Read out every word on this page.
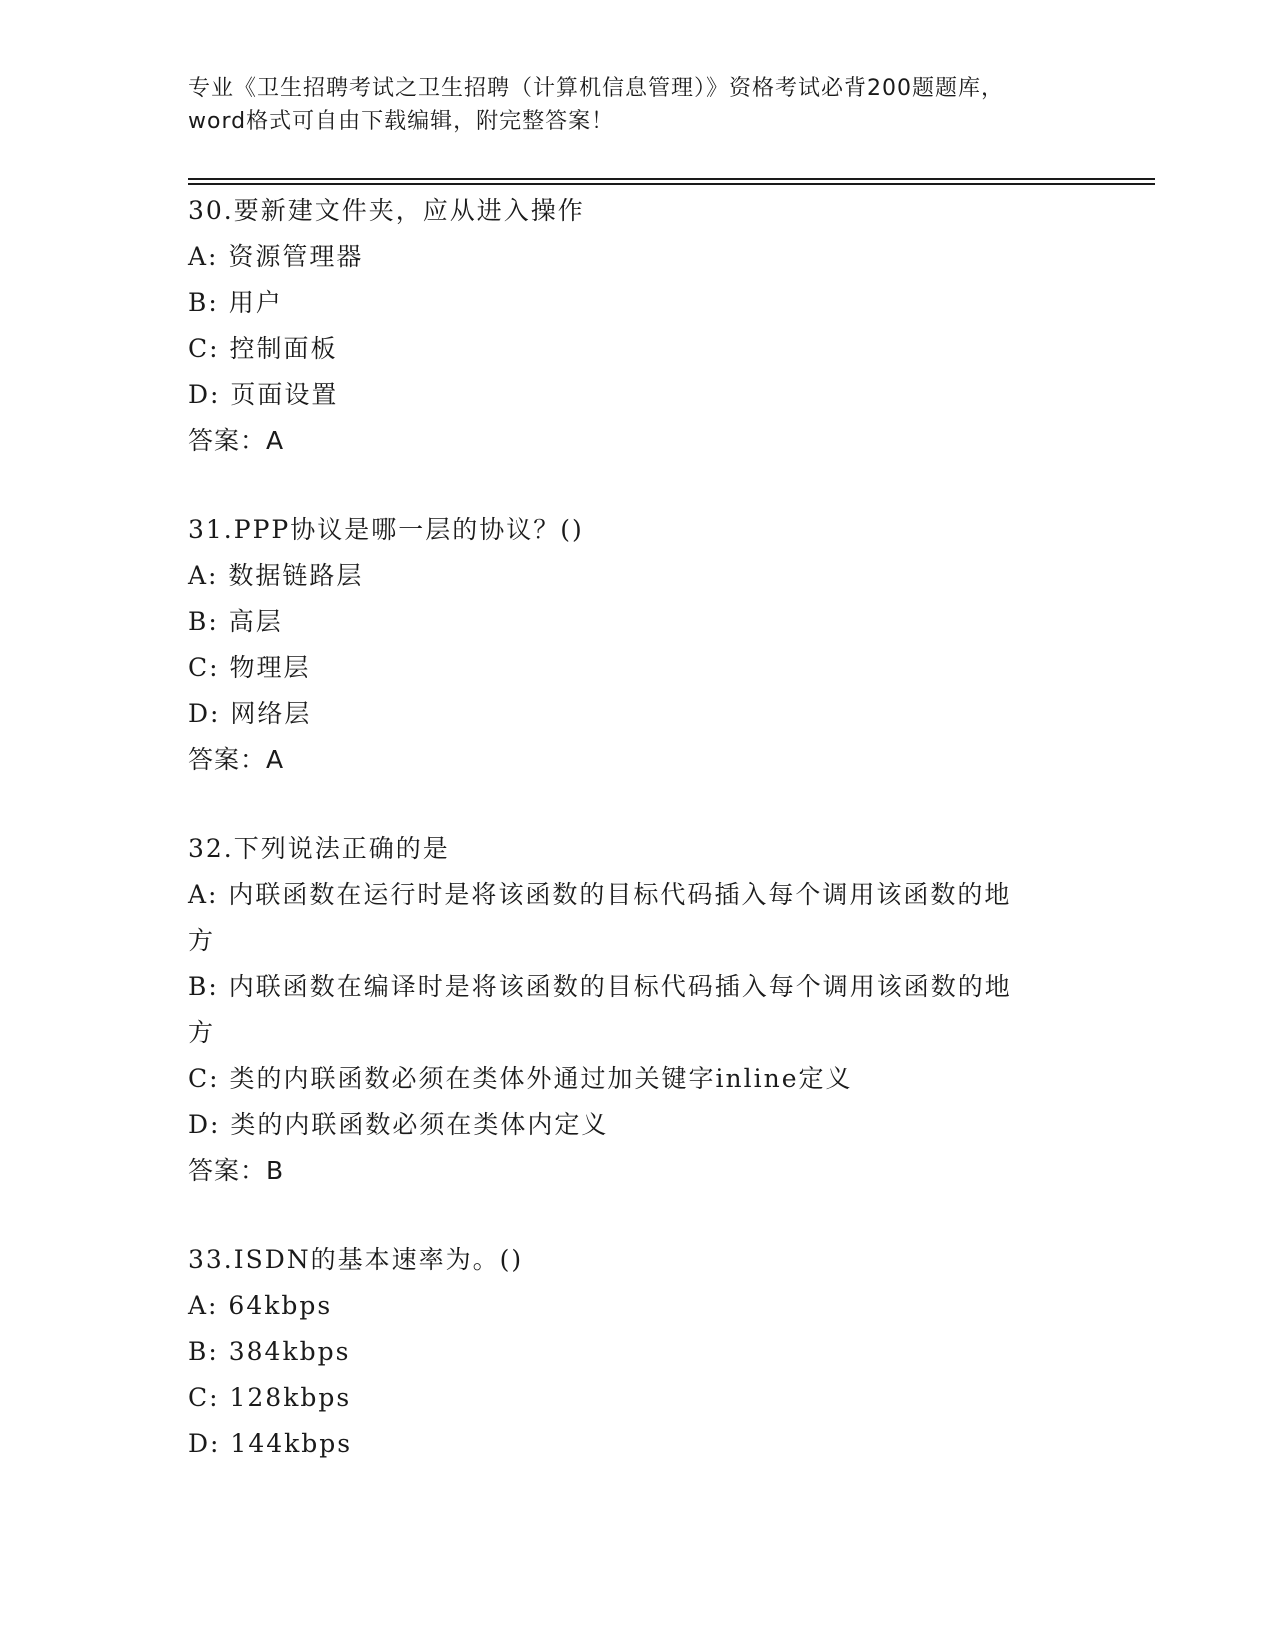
专业《卫生招聘考试之卫生招聘（计算机信息管理）》资格考试必背200题题库，
word格式可自由下载编辑，附完整答案！
30.要新建文件夹，应从进入操作
A: 资源管理器
B: 用户
C: 控制面板
D: 页面设置
答案：A
31.PPP协议是哪一层的协议？()
A: 数据链路层
B: 高层
C: 物理层
D: 网络层
答案：A
32.下列说法正确的是
A: 内联函数在运行时是将该函数的目标代码插入每个调用该函数的地
方
B: 内联函数在编译时是将该函数的目标代码插入每个调用该函数的地
方
C: 类的内联函数必须在类体外通过加关键字inline定义
D: 类的内联函数必须在类体内定义
答案：B
33.ISDN的基本速率为。()
A: 64kbps
B: 384kbps
C: 128kbps
D: 144kbps
